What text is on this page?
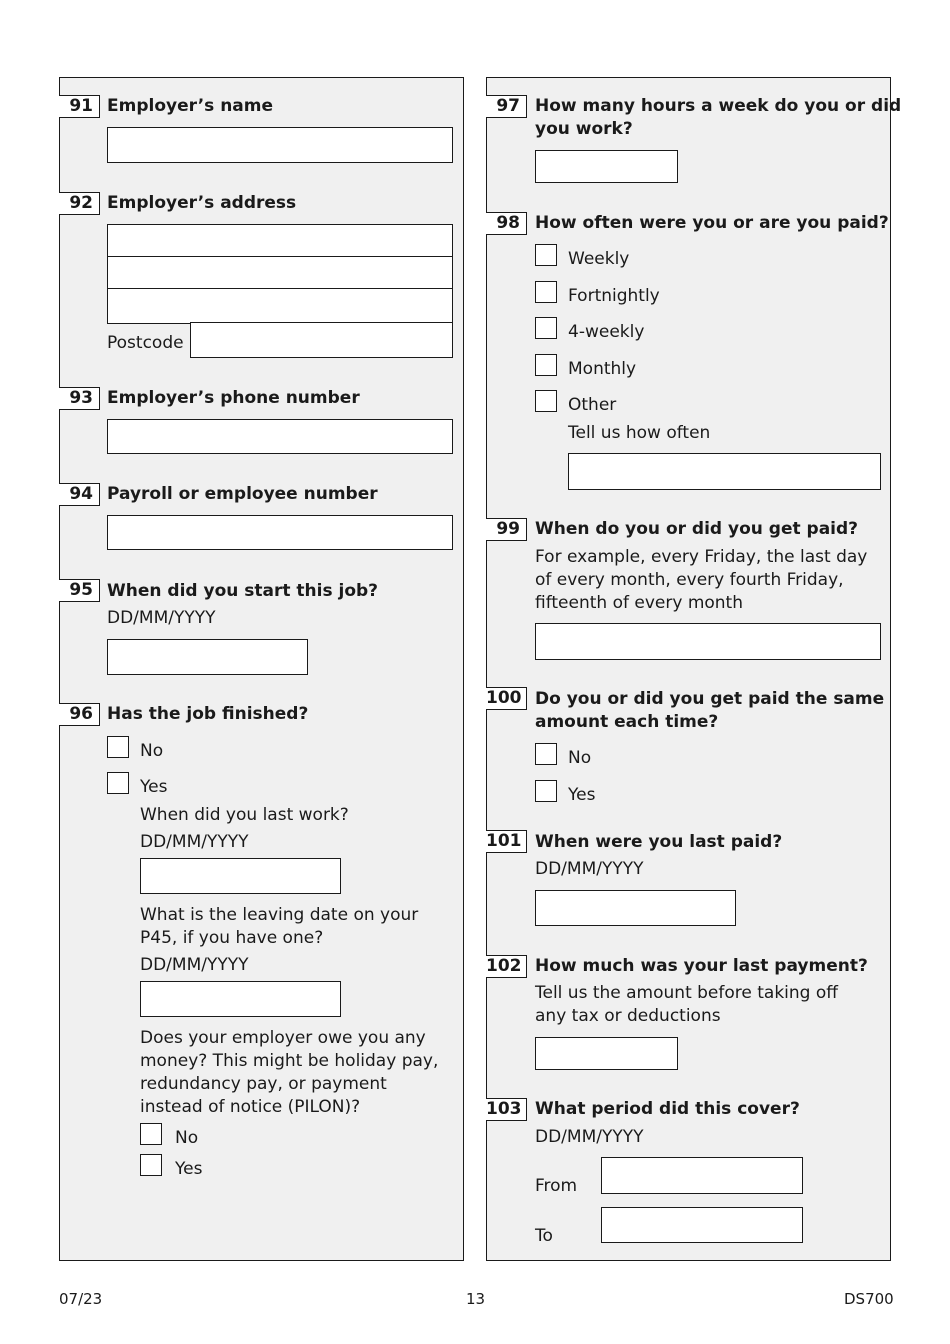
91 Employer’s name
92 Employer’s address
Postcode
93 Employer’s phone number
94 Payroll or employee number
95 When did you start this job?
DD/MM/YYYY
96 Has the job finished?
No
Yes
When did you last work?
DD/MM/YYYY
What is the leaving date on your
P45, if you have one?
DD/MM/YYYY
Does your employer owe you any
money? This might be holiday pay,
redundancy pay, or payment
instead of notice (PILON)?
No
Yes
97 How many hours a week do you or did
you work?
98 How often were you or are you paid?
Weekly
Fortnightly
4-weekly
Monthly
Other
Tell us how often
99 When do you or did you get paid?
For example, every Friday, the last day
of every month, every fourth Friday,
fifteenth of every month
100 Do you or did you get paid the same
amount each time?
No
Yes
101 When were you last paid?
DD/MM/YYYY
102 How much was your last payment?
Tell us the amount before taking off
any tax or deductions
103 What period did this cover?
DD/MM/YYYY
From
To
07/23	13	DS700
